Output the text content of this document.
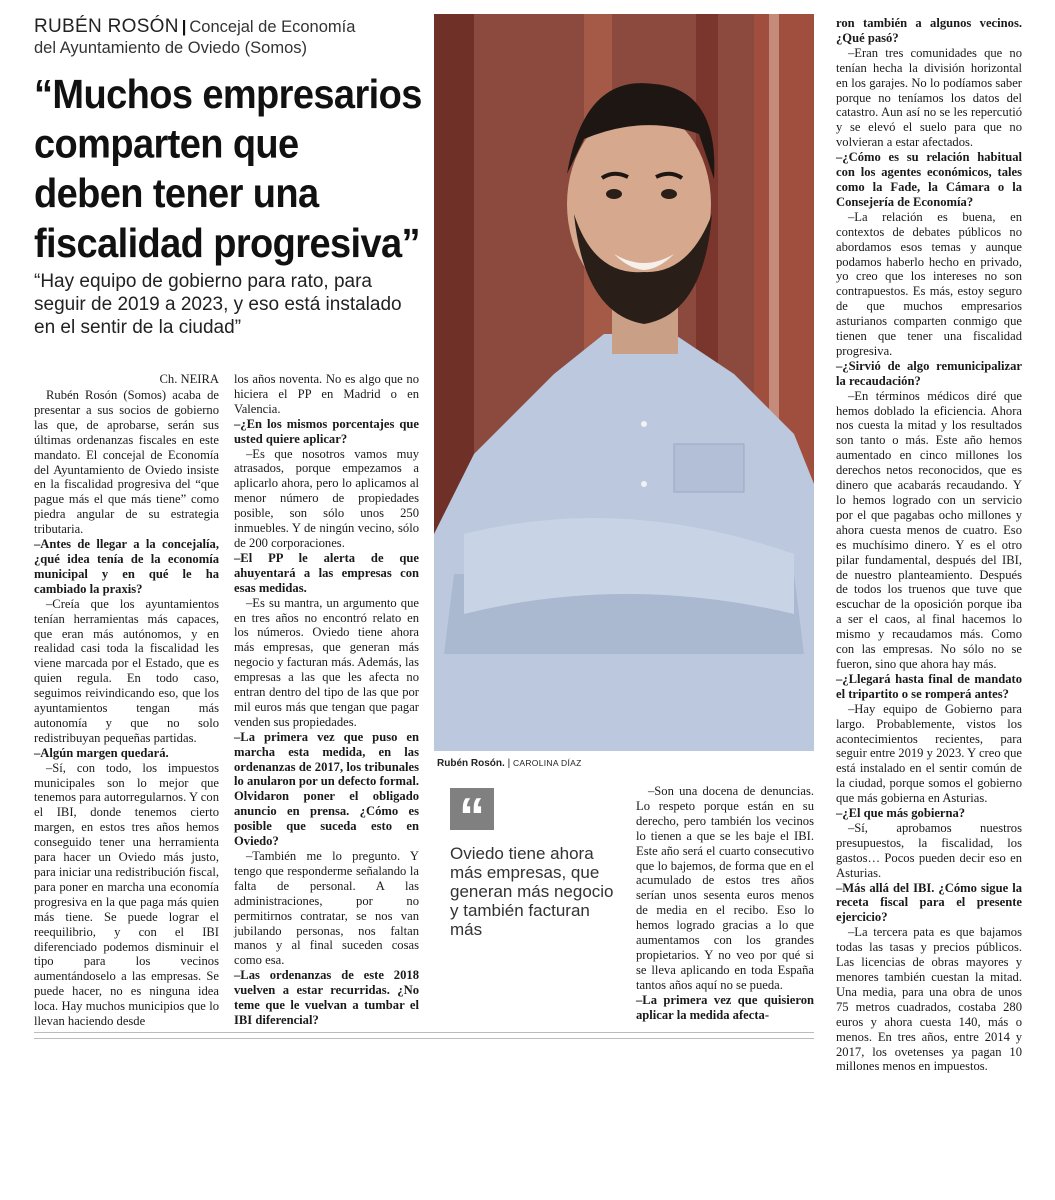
RUBÉN ROSÓN | Concejal de Economía
del Ayuntamiento de Oviedo (Somos)
“Muchos empresarios
comparten que
deben tener una
fiscalidad progresiva”
“Hay equipo de gobierno para rato, para seguir de 2019 a 2023, y eso está instalado en el sentir de la ciudad”
Ch. NEIRA

Rubén Rosón (Somos) acaba de presentar a sus socios de gobierno las que, de aprobarse, serán sus últimas ordenanzas fiscales en este mandato. El concejal de Economía del Ayuntamiento de Oviedo insiste en la fiscalidad progresiva del “que pague más el que más tiene” como piedra angular de su estrategia tributaria.

–Antes de llegar a la concejalía, ¿qué idea tenía de la economía municipal y en qué le ha cambiado la praxis?

–Creía que los ayuntamientos tenían herramientas más capaces, que eran más autónomos, y en realidad casi toda la fiscalidad les viene marcada por el Estado, que es quien regula. En todo caso, seguimos reivindicando eso, que los ayuntamientos tengan más autonomía y que no solo redistribuyan pequeñas partidas.

–Algún margen quedará.

–Sí, con todo, los impuestos municipales son lo mejor que tenemos para autorregularnos. Y con el IBI, donde tenemos cierto margen, en estos tres años hemos conseguido tener una herramienta para hacer un Oviedo más justo, para iniciar una redistribución fiscal, para poner en marcha una economía progresiva en la que paga más quien más tiene. Se puede lograr el reequilibrio, y con el IBI diferenciado podemos disminuir el tipo para los vecinos aumentándoselo a las empresas. Se puede hacer, no es ninguna idea loca. Hay muchos municipios que lo llevan haciendo desde

los años noventa. No es algo que no hiciera el PP en Madrid o en Valencia.

–¿En los mismos porcentajes que usted quiere aplicar?

–Es que nosotros vamos muy atrasados, porque empezamos a aplicarlo ahora, pero lo aplicamos al menor número de propiedades posible, son sólo unos 250 inmuebles. Y de ningún vecino, sólo de 200 corporaciones.

–El PP le alerta de que ahuyentará a las empresas con esas medidas.

–Es su mantra, un argumento que en tres años no encontró relato en los números. Oviedo tiene ahora más empresas, que generan más negocio y facturan más. Además, las empresas a las que les afecta no entran dentro del tipo de las que por mil euros más que tengan que pagar venden sus propiedades.

–La primera vez que puso en marcha esta medida, en las ordenanzas de 2017, los tribunales lo anularon por un defecto formal. Olvidaron poner el obligado anuncio en prensa. ¿Cómo es posible que suceda esto en Oviedo?

–También me lo pregunto. Y tengo que responderme señalando la falta de personal. A las administraciones, por no permitirnos contratar, se nos van jubilando personas, nos faltan manos y al final suceden cosas como esa.

–Las ordenanzas de este 2018 vuelven a estar recurridas. ¿No teme que le vuelvan a tumbar el IBI diferencial?

–Son una docena de denuncias. Lo respeto porque están en su derecho, pero también los vecinos lo tienen a que se les baje el IBI. Este año será el cuarto consecutivo que lo bajemos, de forma que en el acumulado de estos tres años serían unos sesenta euros menos de media en el recibo. Eso lo hemos logrado gracias a lo que aumentamos con los grandes propietarios. Y no veo por qué si se lleva aplicando en toda España tantos años aquí no se pueda.

–La primera vez que quisieron aplicar la medida afecta-

ron también a algunos vecinos. ¿Qué pasó?

–Eran tres comunidades que no tenían hecha la división horizontal en los garajes. No lo podíamos saber porque no teníamos los datos del catastro. Aun así no se les repercutió y se elevó el suelo para que no volvieran a estar afectados.

–¿Cómo es su relación habitual con los agentes económicos, tales como la Fade, la Cámara o la Consejería de Economía?

–La relación es buena, en contextos de debates públicos no abordamos esos temas y aunque podamos haberlo hecho en privado, yo creo que los intereses no son contrapuestos. Es más, estoy seguro de que muchos empresarios asturianos comparten conmigo que tienen que tener una fiscalidad progresiva.

–¿Sirvió de algo remunicipalizar la recaudación?

–En términos médicos diré que hemos doblado la eficiencia. Ahora nos cuesta la mitad y los resultados son tanto o más. Este año hemos aumentado en cinco millones los derechos netos reconocidos, que es dinero que acabarás recaudando. Y lo hemos logrado con un servicio por el que pagabas ocho millones y ahora cuesta menos de cuatro. Eso es muchísimo dinero. Y es el otro pilar fundamental, después del IBI, de nuestro planteamiento. Después de todos los truenos que tuve que escuchar de la oposición porque iba a ser el caos, al final hacemos lo mismo y recaudamos más. Como con las empresas. No sólo no se fueron, sino que ahora hay más.

–¿Llegará hasta final de mandato el tripartito o se romperá antes?

–Hay equipo de Gobierno para largo. Probablemente, vistos los acontecimientos recientes, para seguir entre 2019 y 2023. Y creo que está instalado en el sentir común de la ciudad, porque somos el gobierno que más gobierna en Asturias.

–¿El que más gobierna?

–Sí, aprobamos nuestros presupuestos, la fiscalidad, los gastos… Pocos pueden decir eso en Asturias.

–Más allá del IBI. ¿Cómo sigue la receta fiscal para el presente ejercicio?

–La tercera pata es que bajamos todas las tasas y precios públicos. Las licencias de obras mayores y menores también cuestan la mitad. Una media, para una obra de unos 75 metros cuadrados, costaba 280 euros y ahora cuesta 140, más o menos. En tres años, entre 2014 y 2017, los ovetenses ya pagan 10 millones menos en impuestos.

Rubén Rosón. | CAROLINA DÍAZ
“
Oviedo tiene ahora más empresas, que generan más negocio y también facturan más
